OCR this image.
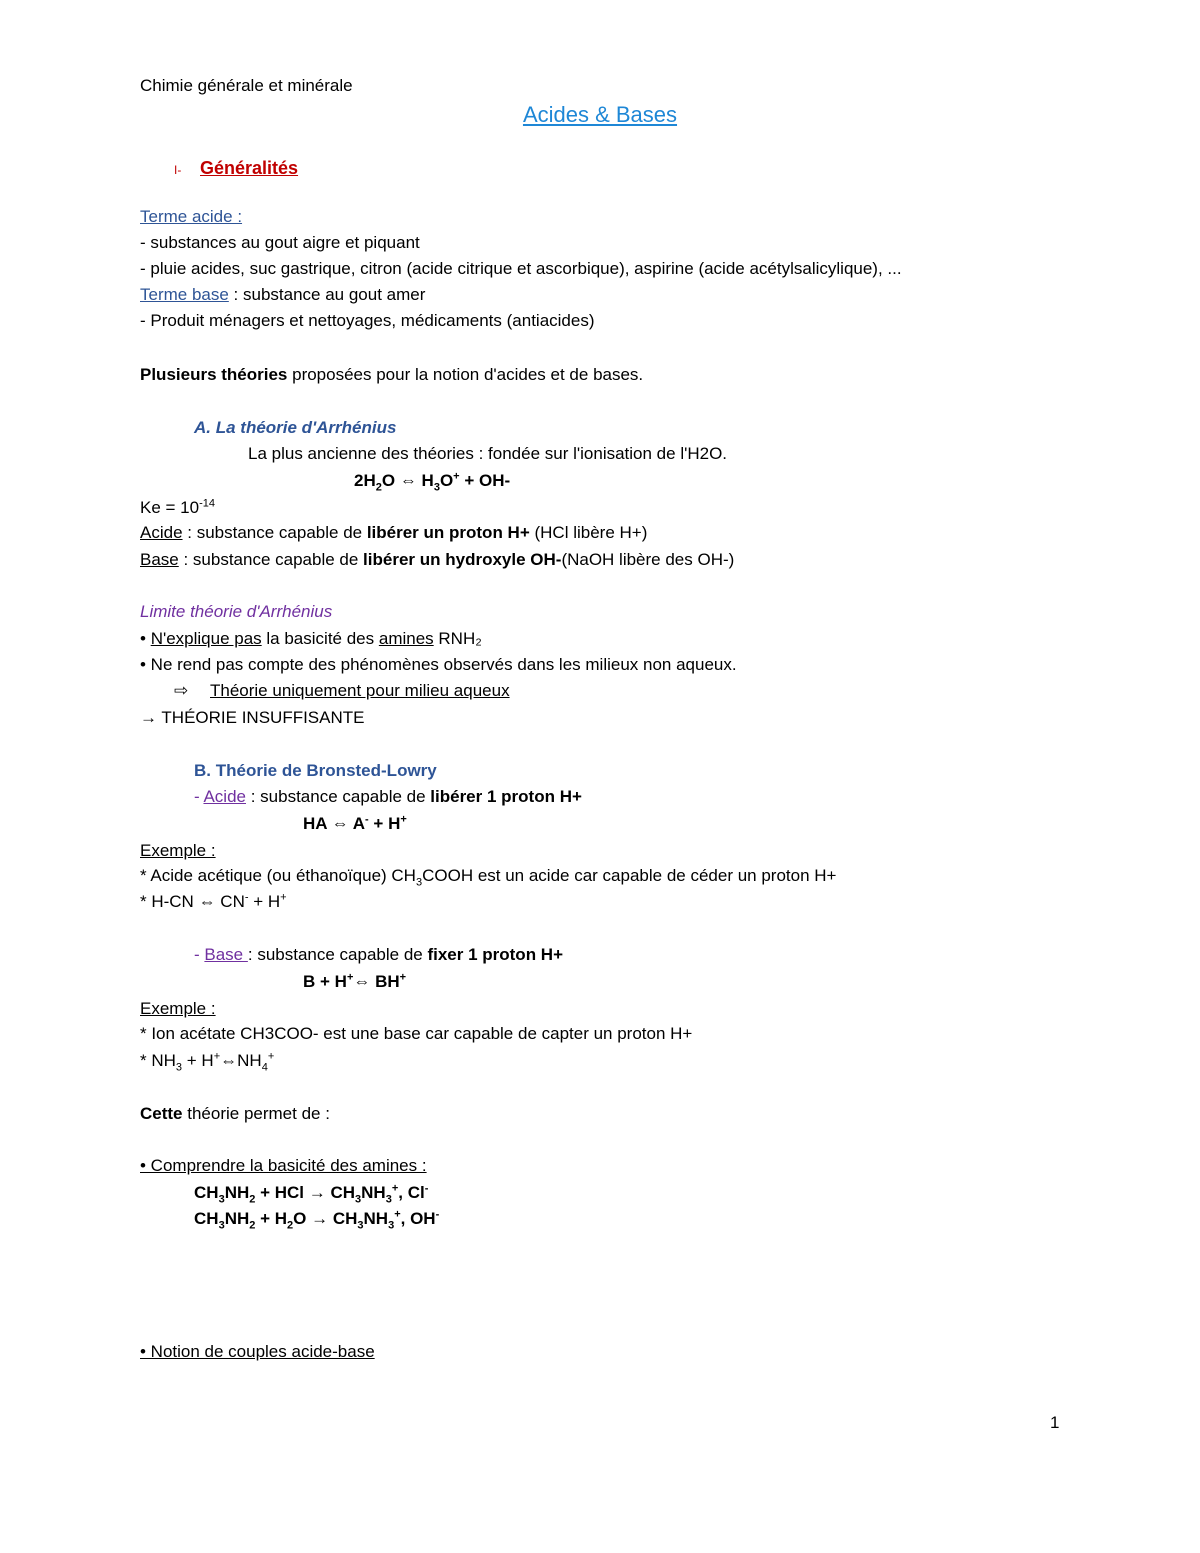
Chimie générale et minérale
Acides & Bases
I- Généralités
Terme acide :
- substances au gout aigre et piquant
- pluie acides, suc gastrique, citron (acide citrique et ascorbique), aspirine (acide acétylsalicylique), ...
Terme base : substance au gout amer
- Produit ménagers et nettoyages, médicaments (antiacides)
Plusieurs théories proposées pour la notion d'acides et de bases.
A. La théorie d'Arrhénius
La plus ancienne des théories : fondée sur l'ionisation de l'H2O.
$2H_2O$ ⇔ $H_3O^+ + OH-$
$Ke = 10^{-14}$
Acide : substance capable de libérer un proton H+ (HCl libère H+)
Base : substance capable de libérer un hydroxyle OH-(NaOH libère des OH-)
Limite théorie d'Arrhénius
• N'explique pas la basicité des amines RNH₂
• Ne rend pas compte des phénomènes observés dans les milieux non aqueux.
⇨ Théorie uniquement pour milieu aqueux
→ THÉORIE INSUFFISANTE
B. Théorie de Bronsted-Lowry
- Acide : substance capable de libérer 1 proton H+
HA ⇔ A- + H+
Exemple :
* Acide acétique (ou éthanoïque) $CH_3COOH$ est un acide car capable de céder un proton H+
* H-CN ⇔ CN- + H+
- Base : substance capable de fixer 1 proton H+
B + H+⇔ BH+
Exemple :
* Ion acétate CH3COO- est une base car capable de capter un proton H+
* $NH_3$ + $H^+\Leftrightarrow NH_4^+$
Cette théorie permet de :
• Comprendre la basicité des amines :
$CH_3NH_2$ + HCl → $CH_3NH_3^+$, Cl-
$CH_3NH_2 + H_2O \to CH_3NH_3^+$, OH-
• Notion de couples acide-base
1
